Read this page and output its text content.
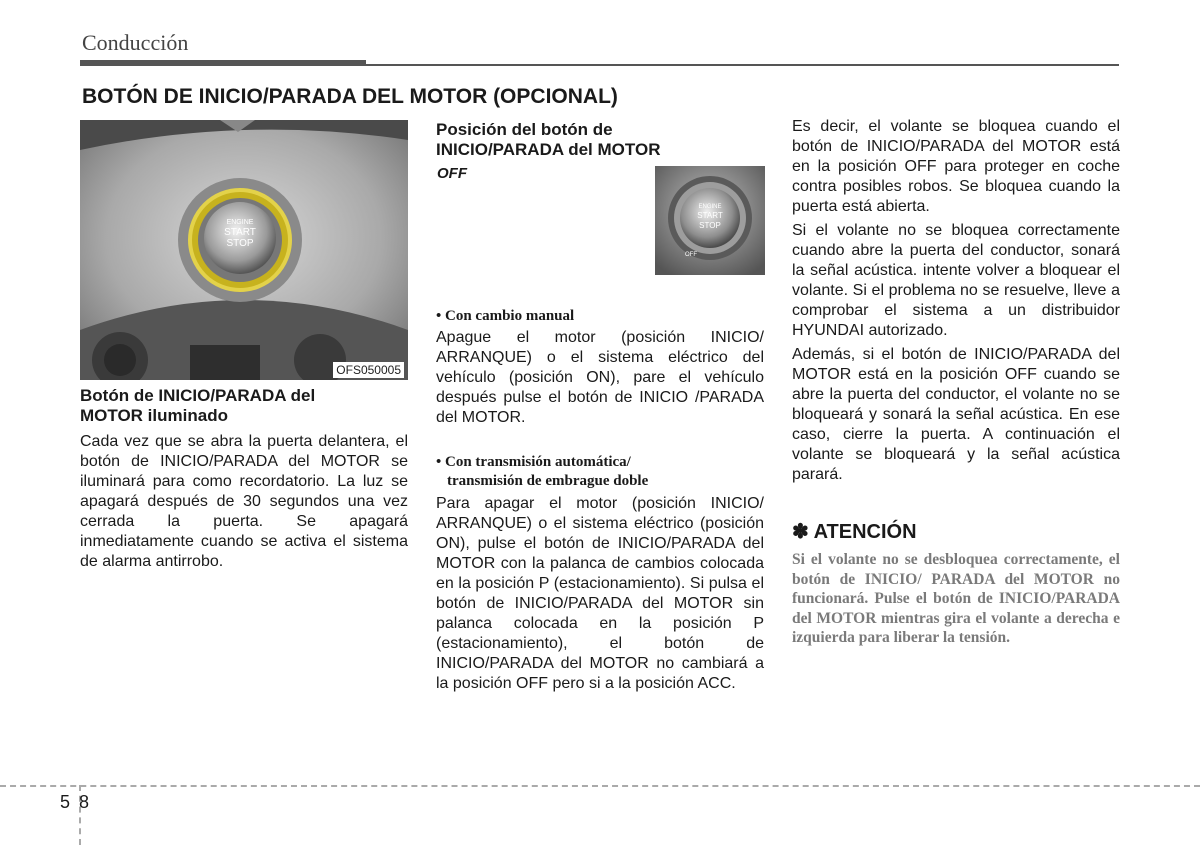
Conducción
BOTÓN DE INICIO/PARADA DEL MOTOR (OPCIONAL)
ENGINE
START
STOP
OFS050005
Botón de INICIO/PARADA del
MOTOR iluminado
Cada vez que se abra la puerta delantera, el botón de INICIO/PARADA del MOTOR se iluminará para como recordatorio. La luz se apagará después de 30 segundos una vez cerrada la puerta. Se apagará inmediatamente cuando se activa el sistema de alarma antirrobo.
Posición del botón de
INICIO/PARADA del MOTOR
OFF
ENGINE
START
STOP
OFF
• Con cambio manual
Apague el motor (posición INICIO/ ARRANQUE) o el sistema eléctrico del vehículo (posición ON), pare el vehículo después pulse el botón de INICIO /PARADA del MOTOR.
• Con transmisión automática/
transmisión de embrague doble
Para apagar el motor (posición INICIO/ ARRANQUE) o el sistema eléctrico (posición ON), pulse el botón de INICIO/PARADA del MOTOR con la palanca de cambios colocada en la posición P (estacionamiento). Si pulsa el botón de INICIO/PARADA del MOTOR sin palanca colocada en la posición P (estacionamiento), el botón de INICIO/PARADA del MOTOR no cambiará a la posición OFF pero si a la posición ACC.

Es decir, el volante se bloquea cuando el botón de INICIO/PARADA del MOTOR está en la posición OFF para proteger en coche contra posibles robos. Se bloquea cuando la puerta está abierta.

Si el volante no se bloquea correctamente cuando abre la puerta del conductor, sonará la señal acústica. intente volver a bloquear el volante. Si el problema no se resuelve, lleve a comprobar el sistema a un distribuidor HYUNDAI autorizado.

Además, si el botón de INICIO/PARADA del MOTOR está en la posición OFF cuando se abre la puerta del conductor, el volante no se bloqueará y sonará la señal acústica. En ese caso, cierre la puerta. A continuación el volante se bloqueará y la señal acústica parará.

✽ ATENCIÓN
Si el volante no se desbloquea correctamente, el botón de INICIO/ PARADA del MOTOR no funcionará. Pulse el botón de INICIO/PARADA del MOTOR mientras gira el volante a derecha e izquierda para liberar la tensión.
5 8
